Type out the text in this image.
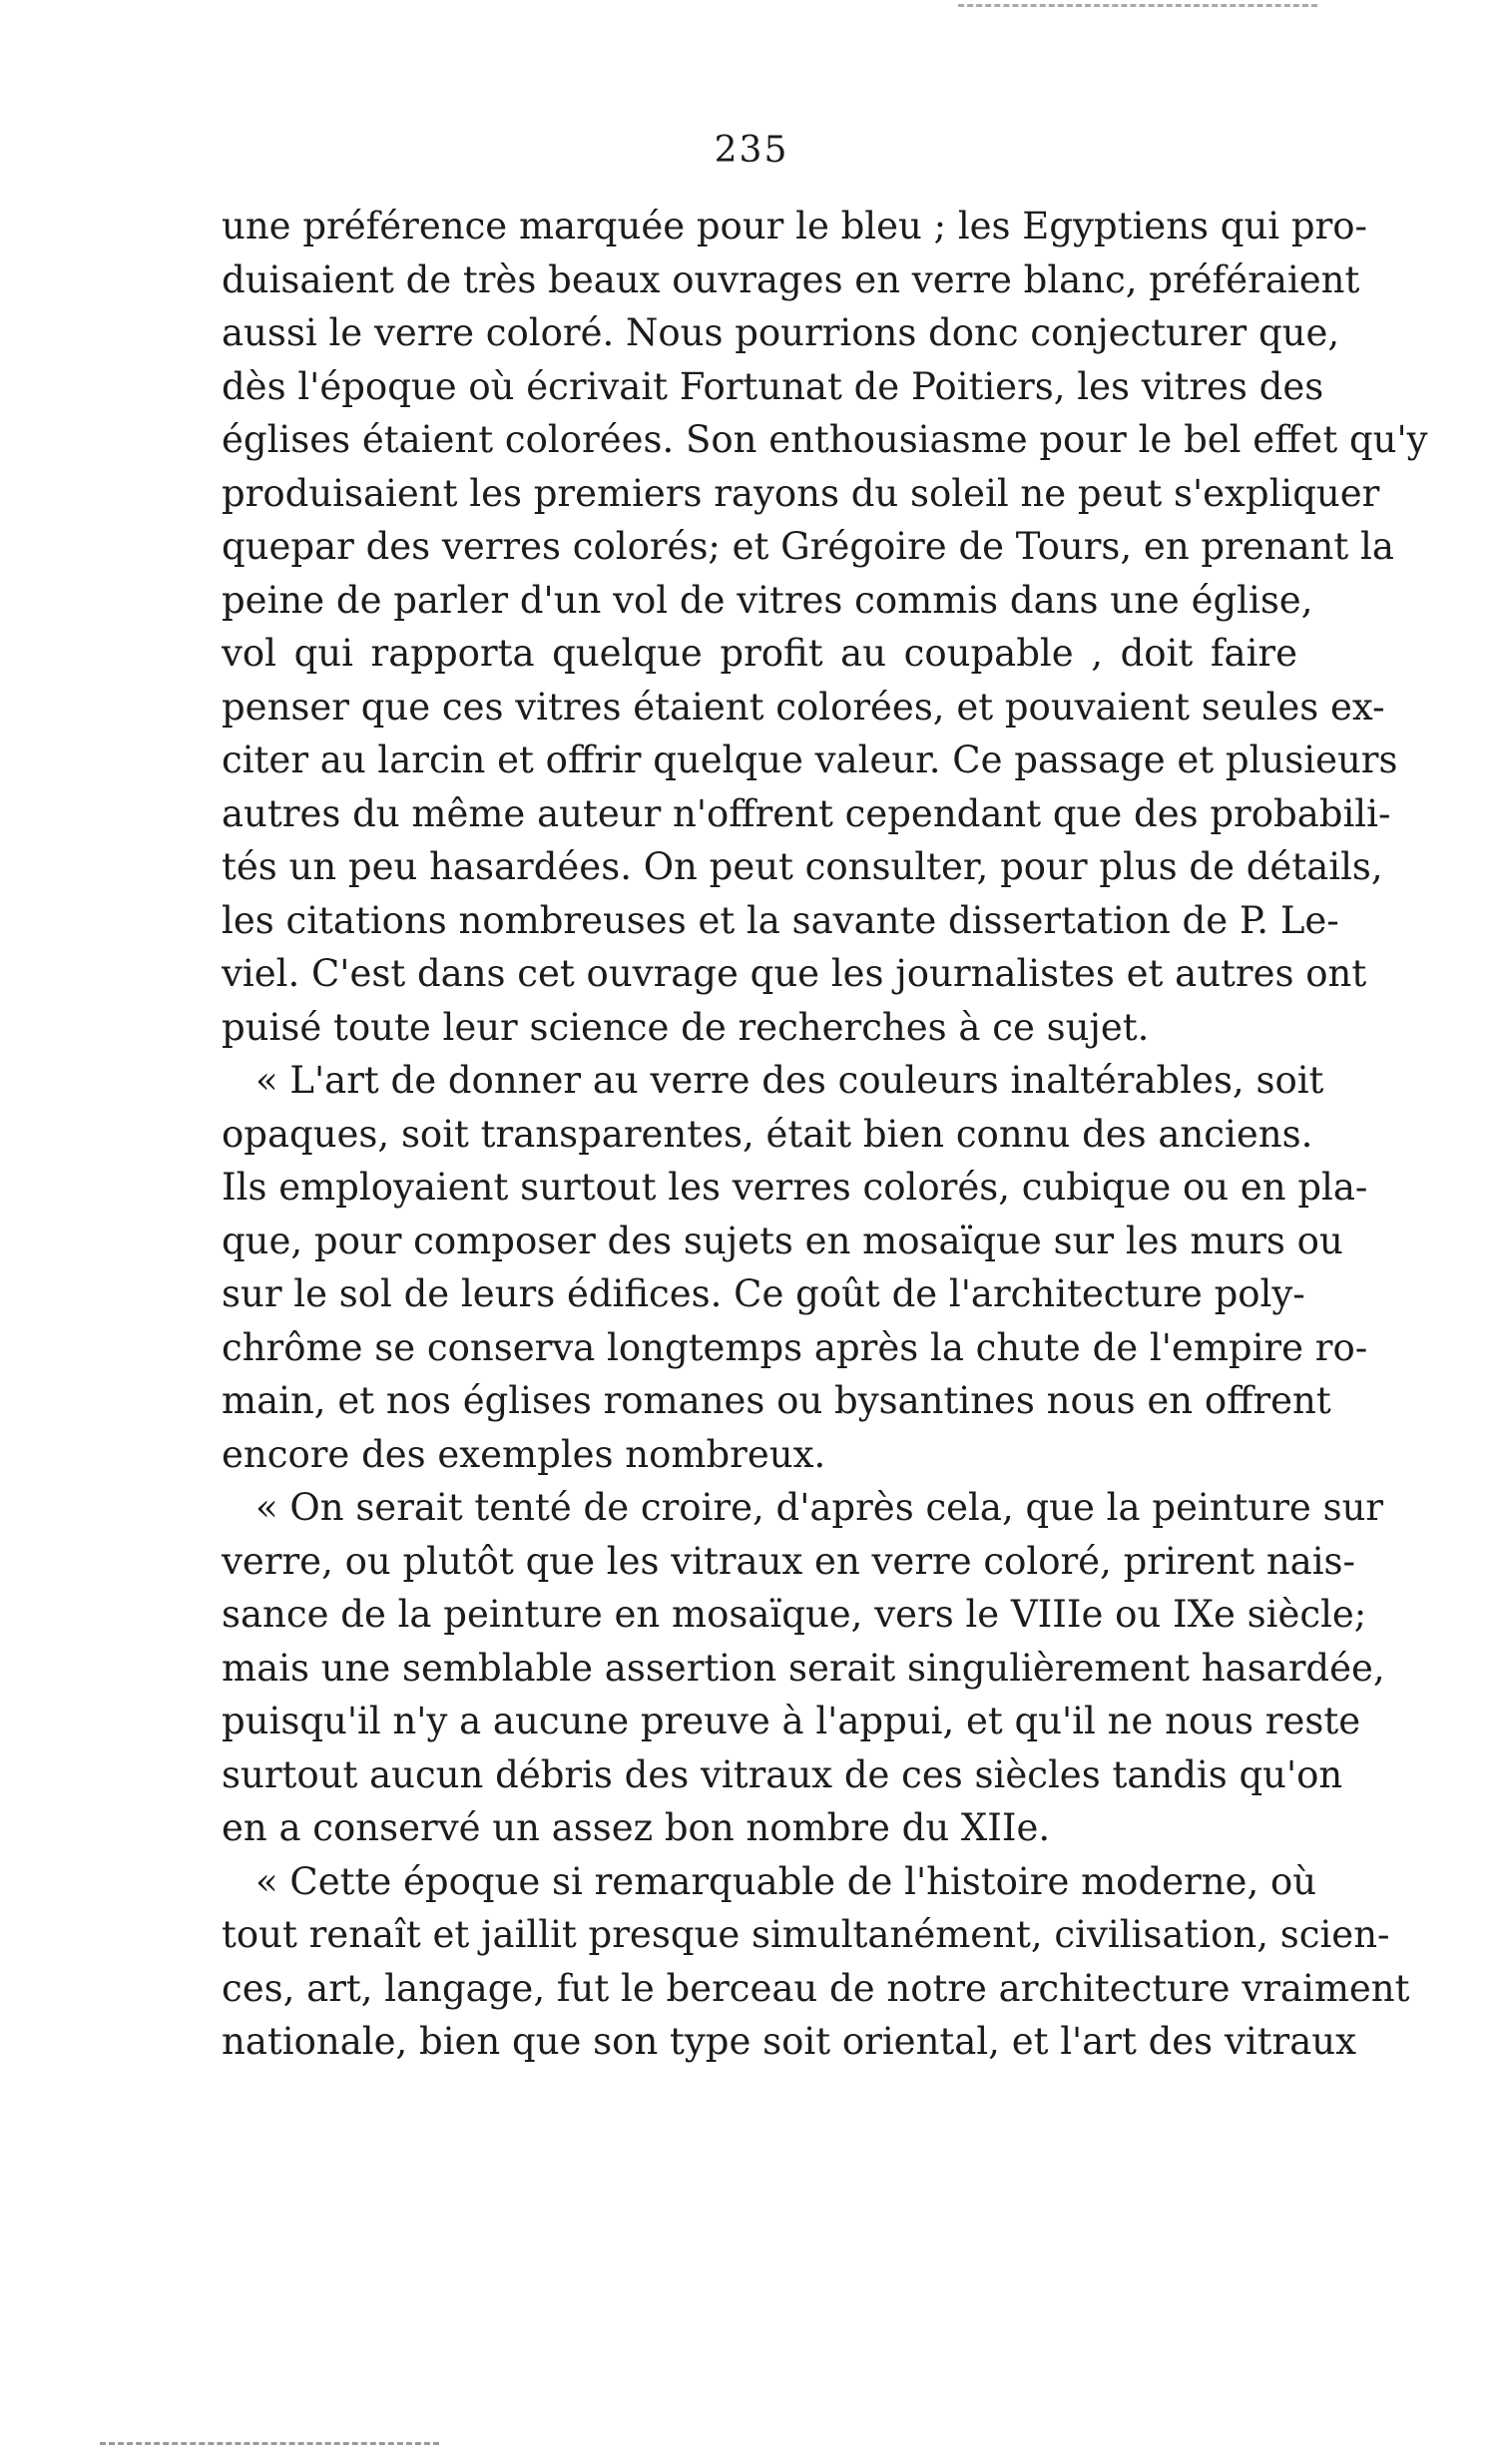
235
une préférence marquée pour le bleu ; les Egyptiens qui pro-
duisaient de très beaux ouvrages en verre blanc, préféraient
aussi le verre coloré. Nous pourrions donc conjecturer que,
dès l'époque où écrivait Fortunat de Poitiers, les vitres des
églises étaient colorées. Son enthousiasme pour le bel effet qu'y
produisaient les premiers rayons du soleil ne peut s'expliquer
quepar des verres colorés; et Grégoire de Tours, en prenant la
peine de parler d'un vol de vitres commis dans une église,
vol qui rapporta quelque profit au coupable , doit faire
penser que ces vitres étaient colorées, et pouvaient seules ex-
citer au larcin et offrir quelque valeur. Ce passage et plusieurs
autres du même auteur n'offrent cependant que des probabili-
tés un peu hasardées. On peut consulter, pour plus de détails,
les citations nombreuses et la savante dissertation de P. Le-
viel. C'est dans cet ouvrage que les journalistes et autres ont
puisé toute leur science de recherches à ce sujet.
« L'art de donner au verre des couleurs inaltérables, soit
opaques, soit transparentes, était bien connu des anciens.
Ils employaient surtout les verres colorés, cubique ou en pla-
que, pour composer des sujets en mosaïque sur les murs ou
sur le sol de leurs édifices. Ce goût de l'architecture poly-
chrôme se conserva longtemps après la chute de l'empire ro-
main, et nos églises romanes ou bysantines nous en offrent
encore des exemples nombreux.
« On serait tenté de croire, d'après cela, que la peinture sur
verre, ou plutôt que les vitraux en verre coloré, prirent nais-
sance de la peinture en mosaïque, vers le VIIIe ou IXe siècle;
mais une semblable assertion serait singulièrement hasardée,
puisqu'il n'y a aucune preuve à l'appui, et qu'il ne nous reste
surtout aucun débris des vitraux de ces siècles tandis qu'on
en a conservé un assez bon nombre du XIIe.
« Cette époque si remarquable de l'histoire moderne, où
tout renaît et jaillit presque simultanément, civilisation, scien-
ces, art, langage, fut le berceau de notre architecture vraiment
nationale, bien que son type soit oriental, et l'art des vitraux
